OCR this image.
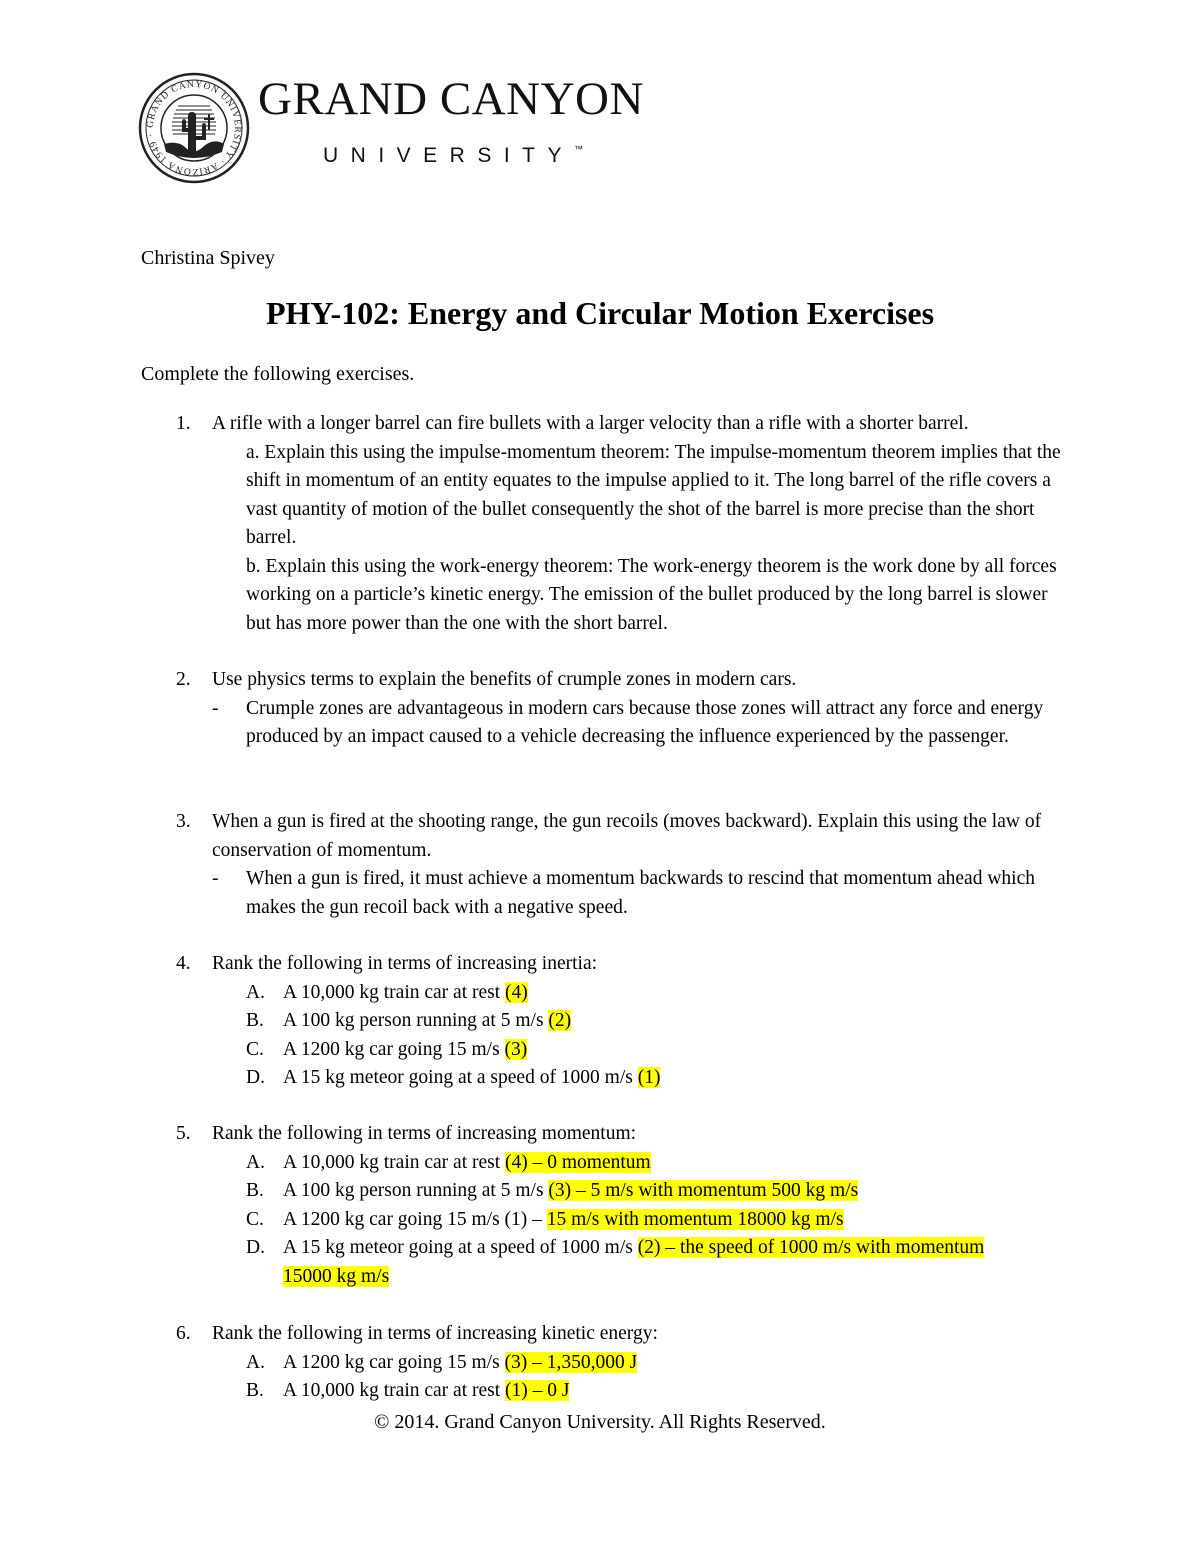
GRAND CANYON UNIVERSITY · ARIZONA 1949 ·
GRAND CANYON
UNIVERSITY™
Christina Spivey
PHY-102: Energy and Circular Motion Exercises
Complete the following exercises.
1. A rifle with a longer barrel can fire bullets with a larger velocity than a rifle with a shorter barrel.
a. Explain this using the impulse-momentum theorem: The impulse-momentum theorem implies that the shift in momentum of an entity equates to the impulse applied to it. The long barrel of the rifle covers a vast quantity of motion of the bullet consequently the shot of the barrel is more precise than the short barrel.
b. Explain this using the work-energy theorem: The work-energy theorem is the work done by all forces working on a particle’s kinetic energy. The emission of the bullet produced by the long barrel is slower but has more power than the one with the short barrel.
2. Use physics terms to explain the benefits of crumple zones in modern cars.
- Crumple zones are advantageous in modern cars because those zones will attract any force and energy produced by an impact caused to a vehicle decreasing the influence experienced by the passenger.
3. When a gun is fired at the shooting range, the gun recoils (moves backward). Explain this using the law of conservation of momentum.
- When a gun is fired, it must achieve a momentum backwards to rescind that momentum ahead which makes the gun recoil back with a negative speed.
4. Rank the following in terms of increasing inertia:
A. A 10,000 kg train car at rest (4)
B. A 100 kg person running at 5 m/s (2)
C. A 1200 kg car going 15 m/s (3)
D. A 15 kg meteor going at a speed of 1000 m/s (1)
5. Rank the following in terms of increasing momentum:
A. A 10,000 kg train car at rest (4) – 0 momentum
B. A 100 kg person running at 5 m/s (3) – 5 m/s with momentum 500 kg m/s
C. A 1200 kg car going 15 m/s (1) – 15 m/s with momentum 18000 kg m/s
D. A 15 kg meteor going at a speed of 1000 m/s (2) – the speed of 1000 m/s with momentum
15000 kg m/s
6. Rank the following in terms of increasing kinetic energy:
A. A 1200 kg car going 15 m/s (3) – 1,350,000 J
B. A 10,000 kg train car at rest (1) – 0 J
© 2014. Grand Canyon University. All Rights Reserved.
